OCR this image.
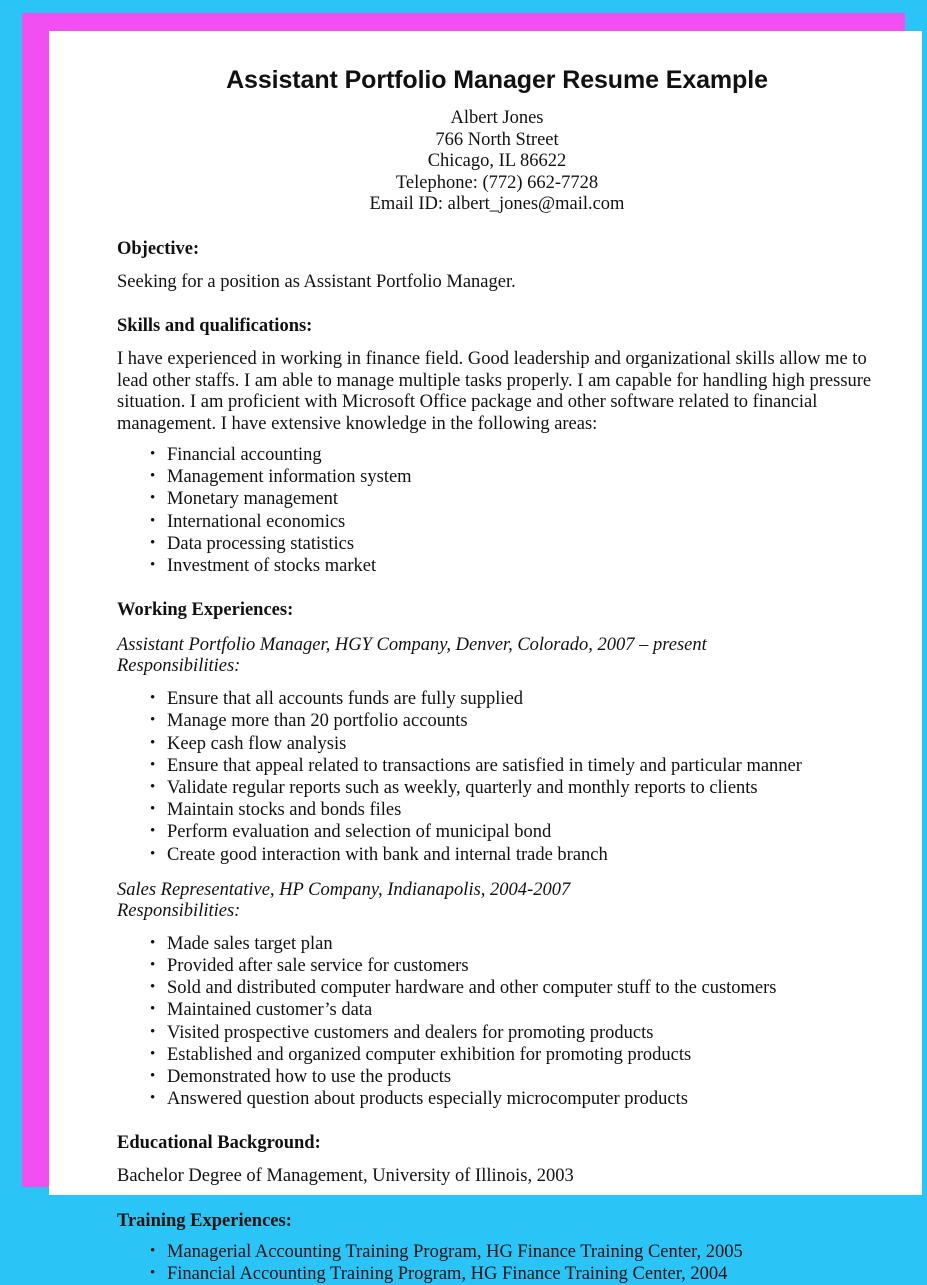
Assistant Portfolio Manager Resume Example
Albert Jones
766 North Street
Chicago, IL 86622
Telephone: (772) 662-7728
Email ID: albert_jones@mail.com
Objective:
Seeking for a position as Assistant Portfolio Manager.
Skills and qualifications:
I have experienced in working in finance field. Good leadership and organizational skills allow me to lead other staffs. I am able to manage multiple tasks properly. I am capable for handling high pressure situation. I am proficient with Microsoft Office package and other software related to financial management. I have extensive knowledge in the following areas:
• Financial accounting
• Management information system
• Monetary management
• International economics
• Data processing statistics
• Investment of stocks market
Working Experiences:
Assistant Portfolio Manager, HGY Company, Denver, Colorado, 2007 – present
Responsibilities:
• Ensure that all accounts funds are fully supplied
• Manage more than 20 portfolio accounts
• Keep cash flow analysis
• Ensure that appeal related to transactions are satisfied in timely and particular manner
• Validate regular reports such as weekly, quarterly and monthly reports to clients
• Maintain stocks and bonds files
• Perform evaluation and selection of municipal bond
• Create good interaction with bank and internal trade branch
Sales Representative, HP Company, Indianapolis, 2004-2007
Responsibilities:
• Made sales target plan
• Provided after sale service for customers
• Sold and distributed computer hardware and other computer stuff to the customers
• Maintained customer’s data
• Visited prospective customers and dealers for promoting products
• Established and organized computer exhibition for promoting products
• Demonstrated how to use the products
• Answered question about products especially microcomputer products
Educational Background:
Bachelor Degree of Management, University of Illinois, 2003
Training Experiences:
• Managerial Accounting Training Program, HG Finance Training Center, 2005
• Financial Accounting Training Program, HG Finance Training Center, 2004
